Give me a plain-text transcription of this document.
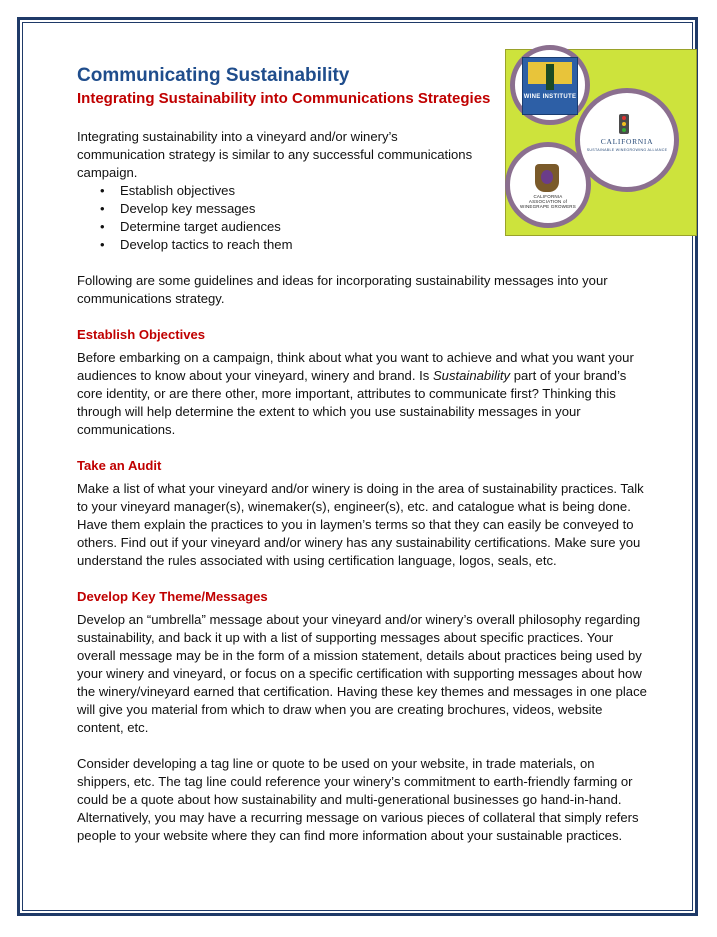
WINE INSTITUTE
CALIFORNIA
SUSTAINABLE WINEGROWING ALLIANCE
CALIFORNIA ASSOCIATION of WINEGRAPE GROWERS
Communicating Sustainability
Integrating Sustainability into Communications Strategies

Integrating sustainability into a vineyard and/or winery’s communication strategy is similar to any successful communications campaign.

• Establish objectives
• Develop key messages
• Determine target audiences
• Develop tactics to reach them

Following are some guidelines and ideas for incorporating sustainability messages into your communications strategy.

Establish Objectives

Before embarking on a campaign, think about what you want to achieve and what you want your audiences to know about your vineyard, winery and brand. Is Sustainability part of your brand’s core identity, or are there other, more important, attributes to communicate first? Thinking this through will help determine the extent to which you use sustainability messages in your communications.

Take an Audit

Make a list of what your vineyard and/or winery is doing in the area of sustainability practices. Talk to your vineyard manager(s), winemaker(s), engineer(s), etc. and catalogue what is being done. Have them explain the practices to you in laymen’s terms so that they can easily be conveyed to others. Find out if your vineyard and/or winery has any sustainability certifications. Make sure you understand the rules associated with using certification language, logos, seals, etc.

Develop Key Theme/Messages

Develop an “umbrella” message about your vineyard and/or winery’s overall philosophy regarding sustainability, and back it up with a list of supporting messages about specific practices. Your overall message may be in the form of a mission statement, details about practices being used by your winery and vineyard, or focus on a specific certification with supporting messages about how the winery/vineyard earned that certification. Having these key themes and messages in one place will give you material from which to draw when you are creating brochures, videos, website content, etc.

Consider developing a tag line or quote to be used on your website, in trade materials, on shippers, etc. The tag line could reference your winery’s commitment to earth-friendly farming or could be a quote about how sustainability and multi-generational businesses go hand-in-hand. Alternatively, you may have a recurring message on various pieces of collateral that simply refers people to your website where they can find more information about your sustainable practices.
